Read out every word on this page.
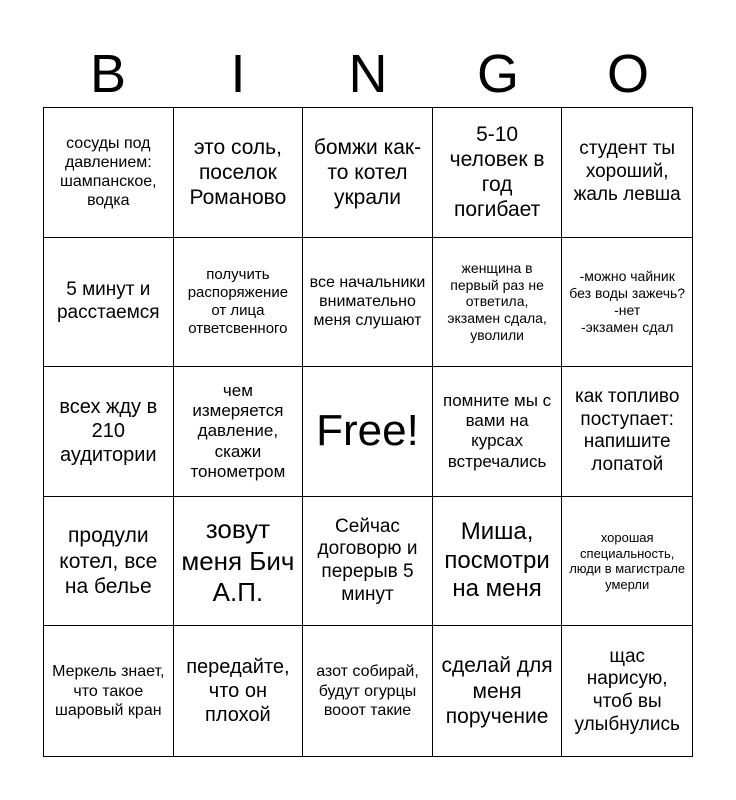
B	I	N	G	O
сосуды под давлением: шампанское, водка
это соль, поселок Романово
бомжи как-то котел украли
5-10 человек в год погибает
студент ты хороший, жаль левша
5 минут и расстаемся
получить распоряжение от лица ответсвенного
все начальники внимательно меня слушают
женщина в первый раз не ответила, экзамен сдала, уволили
-можно чайник без воды зажечь?
-нет
-экзамен сдал
всех жду в 210 аудитории
чем измеряется давление, скажи тонометром
Free!
помните мы с вами на курсах встречались
как топливо поступает: напишите лопатой
продули котел, все на белье
зовут меня Бич А.П.
Сейчас договорю и перерыв 5 минут
Миша, посмотри на меня
хорошая специальность, люди в магистрале умерли
Меркель знает, что такое шаровый кран
передайте, что он плохой
азот собирай, будут огурцы вооот такие
сделай для меня поручение
щас нарисую, чтоб вы улыбнулись
